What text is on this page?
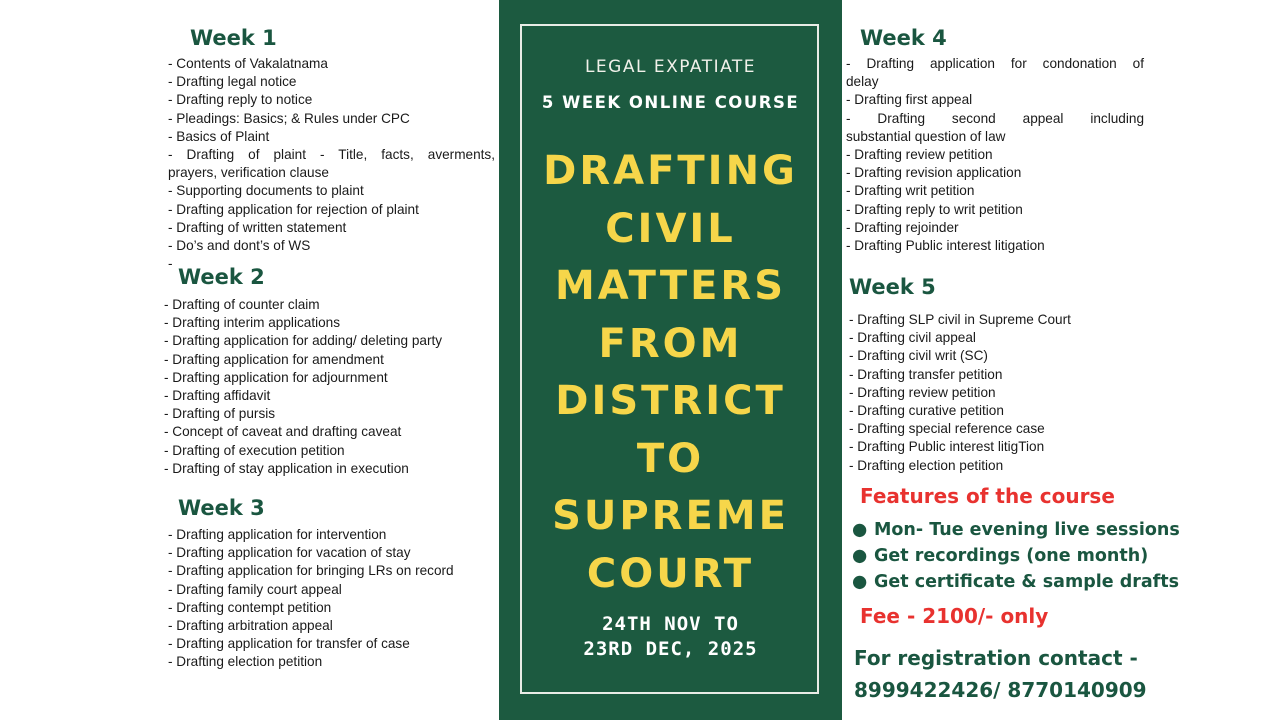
Week 1
- Contents of Vakalatnama
- Drafting legal notice
- Drafting reply to notice
- Pleadings: Basics; & Rules under CPC
- Basics of Plaint
- Drafting of plaint - Title, facts, averments,
prayers, verification clause
- Supporting documents to plaint
- Drafting application for rejection of plaint
- Drafting of written statement
- Do’s and dont’s of WS
-
Week 2
- Drafting of counter claim
- Drafting interim applications
- Drafting application for adding/ deleting party
- Drafting application for amendment
- Drafting application for adjournment
- Drafting affidavit
- Drafting of pursis
- Concept of caveat and drafting caveat
- Drafting of execution petition
- Drafting of stay application in execution
Week 3
- Drafting application for intervention
- Drafting application for vacation of stay
- Drafting application for bringing LRs on record
- Drafting family court appeal
- Drafting contempt petition
- Drafting arbitration appeal
- Drafting application for transfer of case
- Drafting election petition

LEGAL EXPATIATE

5 WEEK ONLINE COURSE

DRAFTING
CIVIL
MATTERS
FROM
DISTRICT
TO
SUPREME
COURT
24TH NOV TO
23RD DEC, 2025
Week 4
- Drafting application for condonation of
delay
- Drafting first appeal
- Drafting second appeal including
substantial question of law
- Drafting review petition
- Drafting revision application
- Drafting writ petition
- Drafting reply to writ petition
- Drafting rejoinder
- Drafting Public interest litigation
Week 5
- Drafting SLP civil in Supreme Court
- Drafting civil appeal
- Drafting civil writ (SC)
- Drafting transfer petition
- Drafting review petition
- Drafting curative petition
- Drafting special reference case
- Drafting Public interest litigTion
- Drafting election petition
Features of the course
● Mon- Tue evening live sessions
● Get recordings (one month)
● Get certificate & sample drafts
Fee - 2100/- only
For registration contact -
8999422426/ 8770140909
